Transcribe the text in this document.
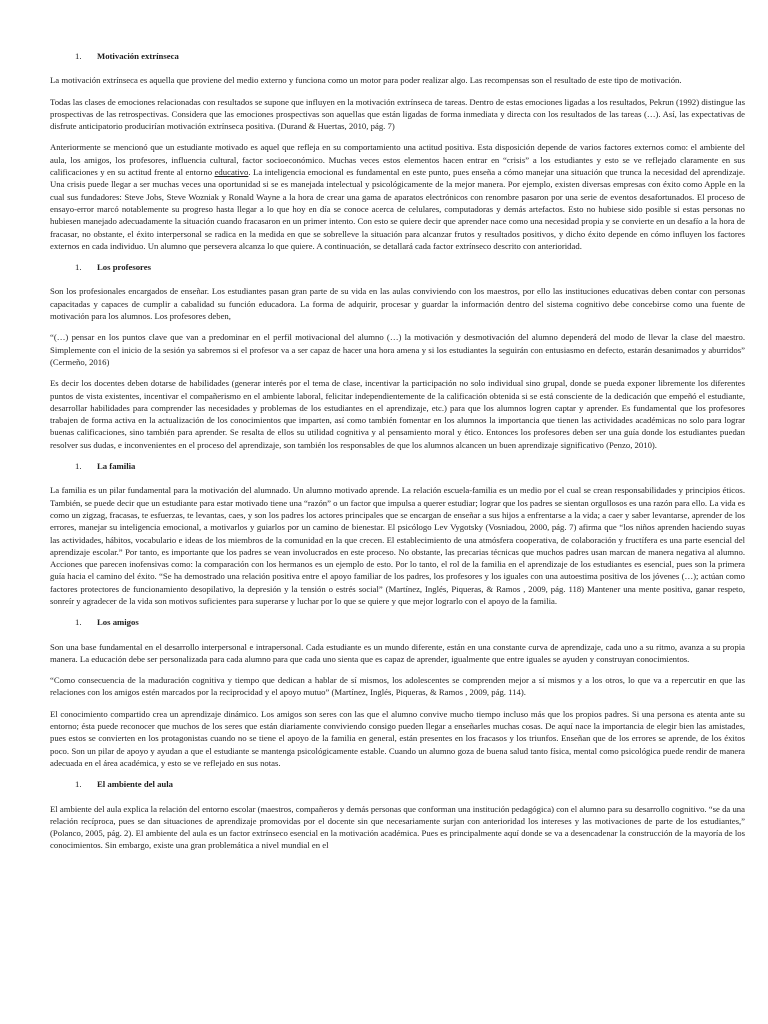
1.	Motivación extrínseca

La motivación extrínseca es aquella que proviene del medio externo y funciona como un motor para poder realizar algo. Las recompensas son el resultado de este tipo de motivación.

Todas las clases de emociones relacionadas con resultados se supone que influyen en la motivación extrínseca de tareas. Dentro de estas emociones ligadas a los resultados, Pekrun (1992) distingue las prospectivas de las retrospectivas. Considera que las emociones prospectivas son aquellas que están ligadas de forma inmediata y directa con los resultados de las tareas (…). Así, las expectativas de disfrute anticipatorio producirían motivación extrínseca positiva. (Durand & Huertas, 2010, pág. 7)

Anteriormente se mencionó que un estudiante motivado es aquel que refleja en su comportamiento una actitud positiva. Esta disposición depende de varios factores externos como: el ambiente del aula, los amigos, los profesores, influencia cultural, factor socioeconómico. Muchas veces estos elementos hacen entrar en “crisis” a los estudiantes y esto se ve reflejado claramente en sus calificaciones y en su actitud frente al entorno educativo. La inteligencia emocional es fundamental en este punto, pues enseña a cómo manejar una situación que trunca la necesidad del aprendizaje. Una crisis puede llegar a ser muchas veces una oportunidad si se es manejada intelectual y psicológicamente de la mejor manera. Por ejemplo, existen diversas empresas con éxito como Apple en la cual sus fundadores: Steve Jobs, Steve Wozniak y Ronald Wayne a la hora de crear una gama de aparatos electrónicos con renombre pasaron por una serie de eventos desafortunados. El proceso de ensayo-error marcó notablemente su progreso hasta llegar a lo que hoy en día se conoce acerca de celulares, computadoras y demás artefactos. Esto no hubiese sido posible si estas personas no hubiesen manejado adecuadamente la situación cuando fracasaron en un primer intento. Con esto se quiere decir que aprender nace como una necesidad propia y se convierte en un desafío a la hora de fracasar, no obstante, el éxito interpersonal se radica en la medida en que se sobrelleve la situación para alcanzar frutos y resultados positivos, y dicho éxito depende en cómo influyen los factores externos en cada individuo. Un alumno que persevera alcanza lo que quiere. A continuación, se detallará cada factor extrínseco descrito con anterioridad.

1.	Los profesores

Son los profesionales encargados de enseñar. Los estudiantes pasan gran parte de su vida en las aulas conviviendo con los maestros, por ello las instituciones educativas deben contar con personas capacitadas y capaces de cumplir a cabalidad su función educadora. La forma de adquirir, procesar y guardar la información dentro del sistema cognitivo debe concebirse como una fuente de motivación para los alumnos. Los profesores deben,

“(…) pensar en los puntos clave que van a predominar en el perfil motivacional del alumno (…) la motivación y desmotivación del alumno dependerá del modo de llevar la clase del maestro. Simplemente con el inicio de la sesión ya sabremos si el profesor va a ser capaz de hacer una hora amena y si los estudiantes la seguirán con entusiasmo en defecto, estarán desanimados y aburridos” (Cermeño, 2016)

Es decir los docentes deben dotarse de habilidades (generar interés por el tema de clase, incentivar la participación no solo individual sino grupal, donde se pueda exponer libremente los diferentes puntos de vista existentes, incentivar el compañerismo en el ambiente laboral, felicitar independientemente de la calificación obtenida si se está consciente de la dedicación que empeñó el estudiante, desarrollar habilidades para comprender las necesidades y problemas de los estudiantes en el aprendizaje, etc.) para que los alumnos logren captar y aprender. Es fundamental que los profesores trabajen de forma activa en la actualización de los conocimientos que imparten, así como también fomentar en los alumnos la importancia que tienen las actividades académicas no solo para lograr buenas calificaciones, sino también para aprender. Se resalta de ellos su utilidad cognitiva y al pensamiento moral y ético. Entonces los profesores deben ser una guía donde los estudiantes puedan resolver sus dudas, e inconvenientes en el proceso del aprendizaje, son también los responsables de que los alumnos alcancen un buen aprendizaje significativo (Penzo, 2010).

1.	La familia

La familia es un pilar fundamental para la motivación del alumnado. Un alumno motivado aprende. La relación escuela-familia es un medio por el cual se crean responsabilidades y principios éticos. También, se puede decir que un estudiante para estar motivado tiene una “razón” o un factor que impulsa a querer estudiar; lograr que los padres se sientan orgullosos es una razón para ello. La vida es como un zigzag, fracasas, te esfuerzas, te levantas, caes, y son los padres los actores principales que se encargan de enseñar a sus hijos a enfrentarse a la vida; a caer y saber levantarse, aprender de los errores, manejar su inteligencia emocional, a motivarlos y guiarlos por un camino de bienestar. El psicólogo Lev Vygotsky (Vosniadou, 2000, pág. 7) afirma que “los niños aprenden haciendo suyas las actividades, hábitos, vocabulario e ideas de los miembros de la comunidad en la que crecen. El establecimiento de una atmósfera cooperativa, de colaboración y fructífera es una parte esencial del aprendizaje escolar.” Por tanto, es importante que los padres se vean involucrados en este proceso. No obstante, las precarias técnicas que muchos padres usan marcan de manera negativa al alumno. Acciones que parecen inofensivas como: la comparación con los hermanos es un ejemplo de esto. Por lo tanto, el rol de la familia en el aprendizaje de los estudiantes es esencial, pues son la primera guía hacia el camino del éxito. “Se ha demostrado una relación positiva entre el apoyo familiar de los padres, los profesores y los iguales con una autoestima positiva de los jóvenes (…); actúan como factores protectores de funcionamiento desopilativo, la depresión y la tensión o estrés social” (Martínez, Inglés, Piqueras, & Ramos , 2009, pág. 118) Mantener una mente positiva, ganar respeto, sonreír y agradecer de la vida son motivos suficientes para superarse y luchar por lo que se quiere y que mejor lograrlo con el apoyo de la familia.

1.	Los amigos

Son una base fundamental en el desarrollo interpersonal e intrapersonal. Cada estudiante es un mundo diferente, están en una constante curva de aprendizaje, cada uno a su ritmo, avanza a su propia manera. La educación debe ser personalizada para cada alumno para que cada uno sienta que es capaz de aprender, igualmente que entre iguales se ayuden y construyan conocimientos.

“Como consecuencia de la maduración cognitiva y tiempo que dedican a hablar de sí mismos, los adolescentes se comprenden mejor a sí mismos y a los otros, lo que va a repercutir en que las relaciones con los amigos estén marcados por la reciprocidad y el apoyo mutuo” (Martínez, Inglés, Piqueras, & Ramos , 2009, pág. 114).

El conocimiento compartido crea un aprendizaje dinámico. Los amigos son seres con las que el alumno convive mucho tiempo incluso más que los propios padres. Si una persona es atenta ante su entorno; ésta puede reconocer que muchos de los seres que están diariamente conviviendo consigo pueden llegar a enseñarles muchas cosas. De aquí nace la importancia de elegir bien las amistades, pues estos se convierten en los protagonistas cuando no se tiene el apoyo de la familia en general, están presentes en los fracasos y los triunfos. Enseñan que de los errores se aprende, de los éxitos poco. Son un pilar de apoyo y ayudan a que el estudiante se mantenga psicológicamente estable. Cuando un alumno goza de buena salud tanto física, mental como psicológica puede rendir de manera adecuada en el área académica, y esto se ve reflejado en sus notas.

1.	El ambiente del aula

El ambiente del aula explica la relación del entorno escolar (maestros, compañeros y demás personas que conforman una institución pedagógica) con el alumno para su desarrollo cognitivo. “se da una relación recíproca, pues se dan situaciones de aprendizaje promovidas por el docente sin que necesariamente surjan con anterioridad los intereses y las motivaciones de parte de los estudiantes,” (Polanco, 2005, pág. 2). El ambiente del aula es un factor extrínseco esencial en la motivación académica. Pues es principalmente aquí donde se va a desencadenar la construcción de la mayoría de los conocimientos. Sin embargo, existe una gran problemática a nivel mundial en el
